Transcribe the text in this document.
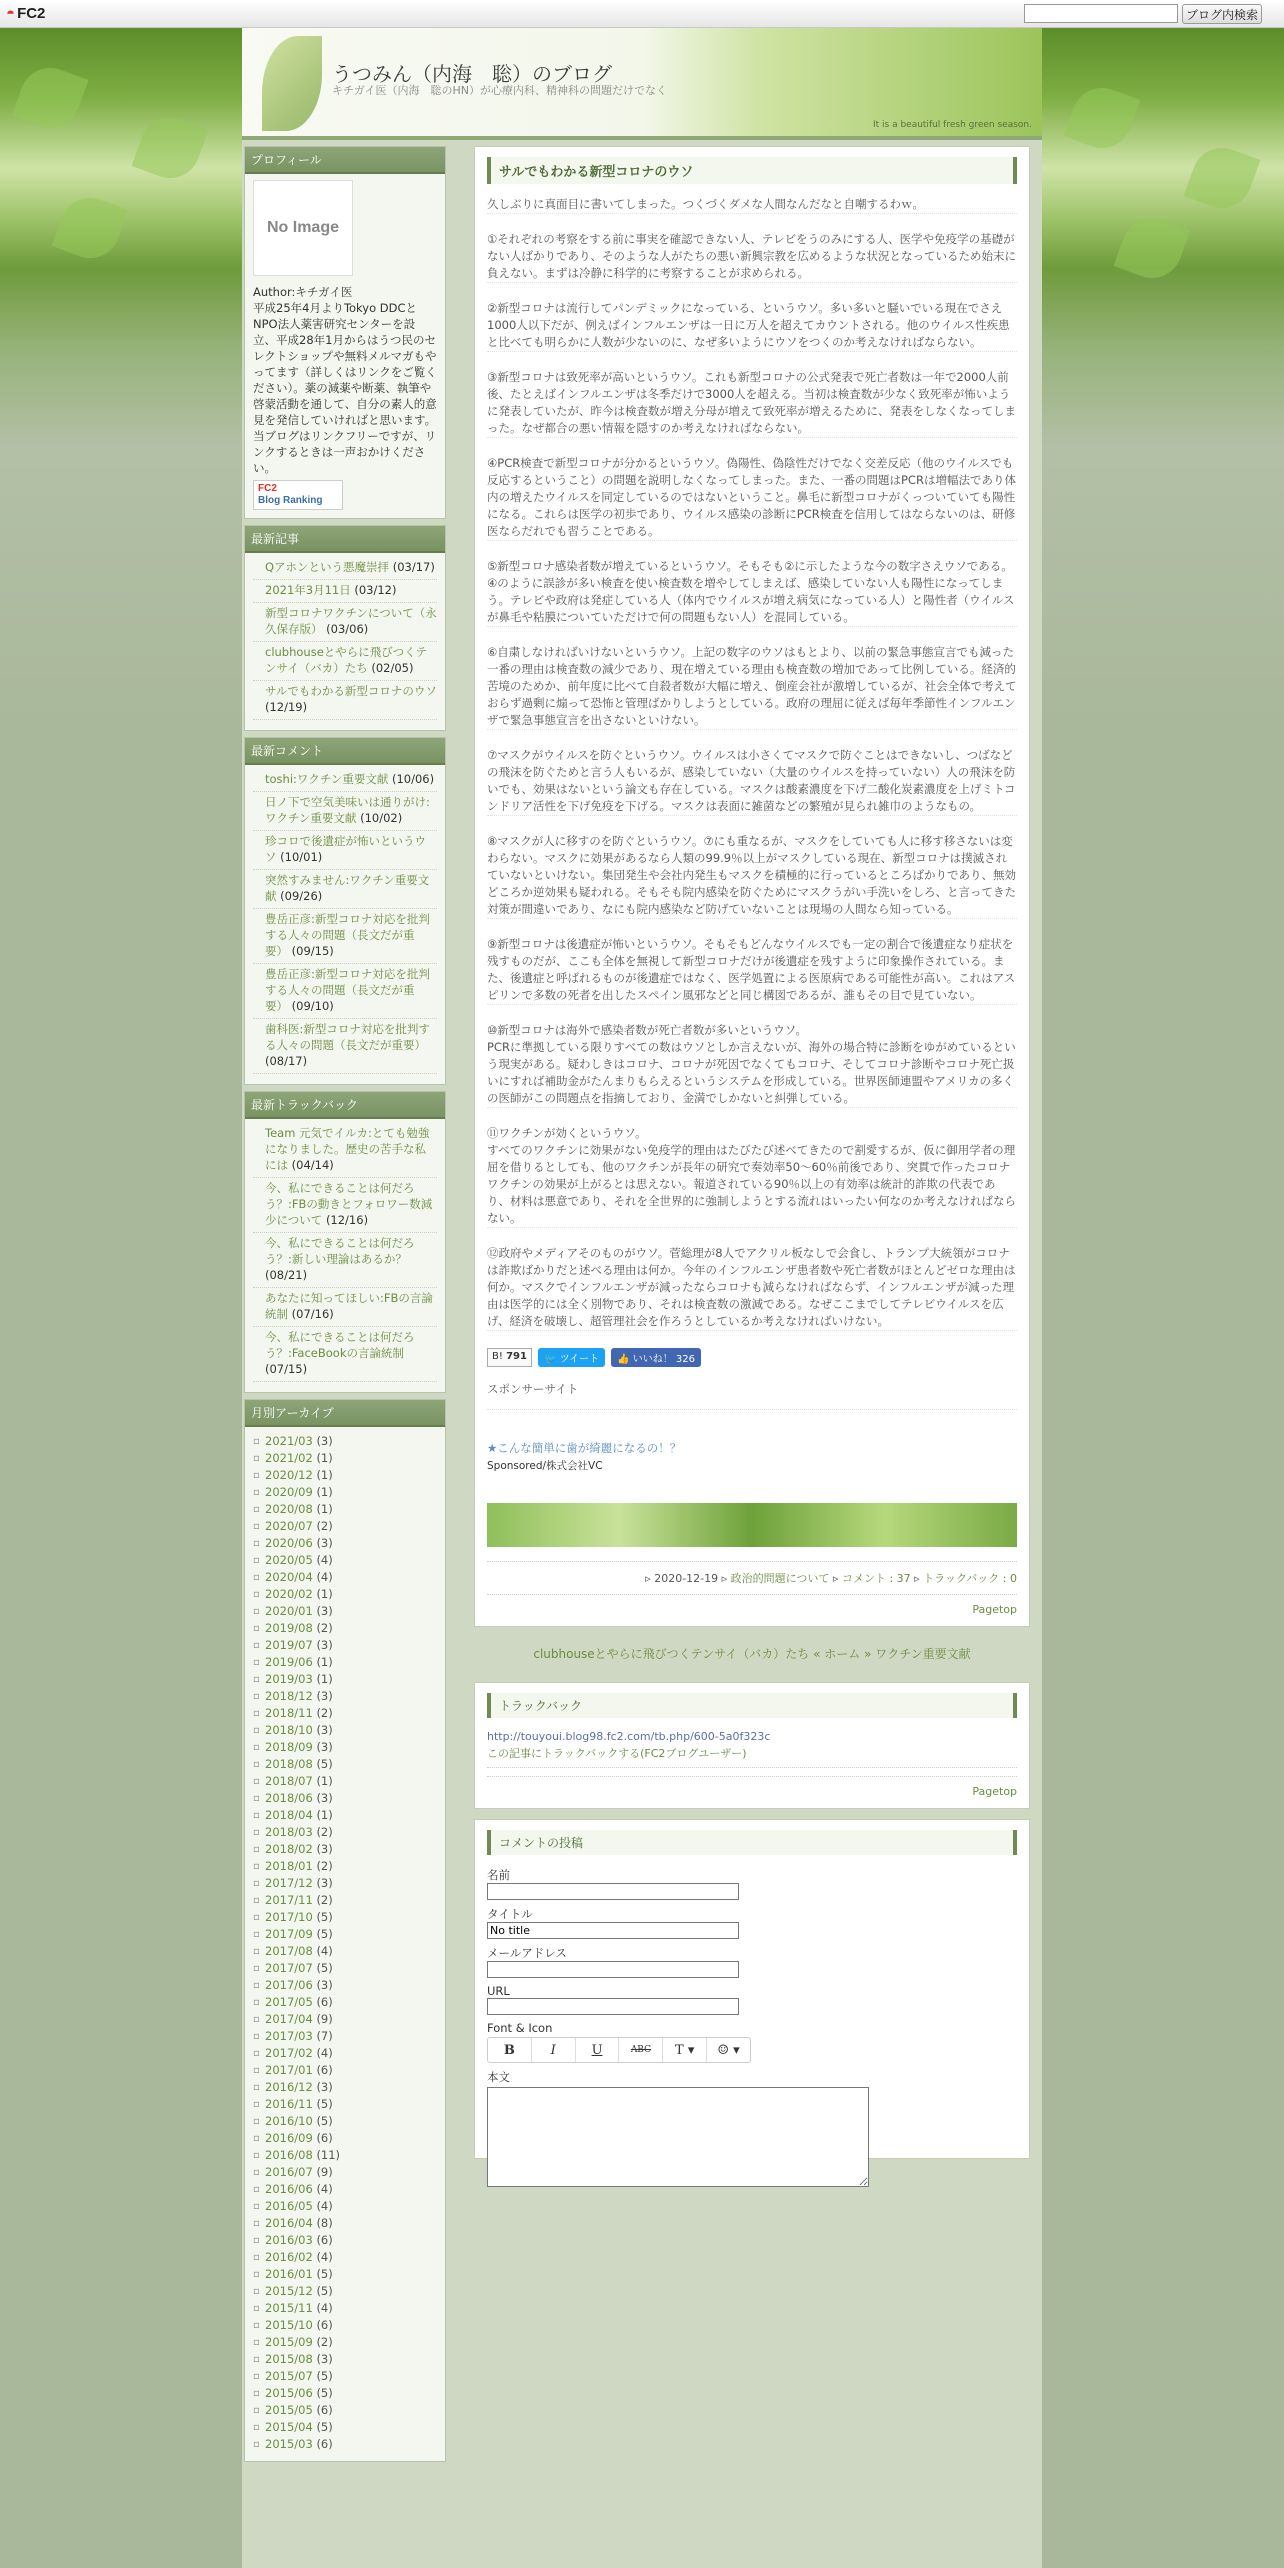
◓ FC2	ブログ内検索
うつみん（内海　聡）のブログ
キチガイ医（内海　聡のHN）が心療内科、精神科の問題だけでなく
It is a beautiful fresh green season.
プロフィール
No Image
Author:キチガイ医
平成25年4月よりTokyo DDCとNPO法人薬害研究センターを設立、平成28年1月からはうつ民のセレクトショップや無料メルマガもやってます（詳しくはリンクをご覧ください）。薬の減薬や断薬、執筆や啓蒙活動を通して、自分の素人的意見を発信していければと思います。当ブログはリンクフリーですが、リンクするときは一声おかけください。
FC2
Blog Ranking
最新記事
Qアホンという悪魔崇拝 (03/17)
2021年3月11日 (03/12)
新型コロナワクチンについて（永久保存版） (03/06)
clubhouseとやらに飛びつくテンサイ（バカ）たち (02/05)
サルでもわかる新型コロナのウソ (12/19)
最新コメント
toshi:ワクチン重要文献 (10/06)
日ノ下で空気美味いは通りがけ:ワクチン重要文献 (10/02)
珍コロで後遺症が怖いというウソ (10/01)
突然すみません:ワクチン重要文献 (09/26)
豊岳正彦:新型コロナ対応を批判する人々の問題（長文だが重要） (09/15)
豊岳正彦:新型コロナ対応を批判する人々の問題（長文だが重要） (09/10)
歯科医:新型コロナ対応を批判する人々の問題（長文だが重要） (08/17)
最新トラックバック
Team 元気でイルカ:とても勉強になりました。歴史の苦手な私には (04/14)
今、私にできることは何だろう？:FBの動きとフォロワー数減少について (12/16)
今、私にできることは何だろう？:新しい理論はあるか？ (08/21)
あなたに知ってほしい:FBの言論統制 (07/16)
今、私にできることは何だろう？:FaceBookの言論統制 (07/15)
月別アーカイブ
▫ 2021/03 (3)
▫ 2021/02 (1)
▫ 2020/12 (1)
▫ 2020/09 (1)
▫ 2020/08 (1)
▫ 2020/07 (2)
▫ 2020/06 (3)
▫ 2020/05 (4)
▫ 2020/04 (4)
▫ 2020/02 (1)
▫ 2020/01 (3)
▫ 2019/08 (2)
▫ 2019/07 (3)
▫ 2019/06 (1)
▫ 2019/03 (1)
▫ 2018/12 (3)
▫ 2018/11 (2)
▫ 2018/10 (3)
▫ 2018/09 (3)
▫ 2018/08 (5)
▫ 2018/07 (1)
▫ 2018/06 (3)
▫ 2018/04 (1)
▫ 2018/03 (2)
▫ 2018/02 (3)
▫ 2018/01 (2)
▫ 2017/12 (3)
▫ 2017/11 (2)
▫ 2017/10 (5)
▫ 2017/09 (5)
▫ 2017/08 (4)
▫ 2017/07 (5)
▫ 2017/06 (3)
▫ 2017/05 (6)
▫ 2017/04 (9)
▫ 2017/03 (7)
▫ 2017/02 (4)
▫ 2017/01 (6)
▫ 2016/12 (3)
▫ 2016/11 (5)
▫ 2016/10 (5)
▫ 2016/09 (6)
▫ 2016/08 (11)
▫ 2016/07 (9)
▫ 2016/06 (4)
▫ 2016/05 (4)
▫ 2016/04 (8)
▫ 2016/03 (6)
▫ 2016/02 (4)
▫ 2016/01 (5)
▫ 2015/12 (5)
▫ 2015/11 (4)
▫ 2015/10 (6)
▫ 2015/09 (2)
▫ 2015/08 (3)
▫ 2015/07 (5)
▫ 2015/06 (5)
▫ 2015/05 (6)
▫ 2015/04 (5)
▫ 2015/03 (6)
サルでもわかる新型コロナのウソ

久しぶりに真面目に書いてしまった。つくづくダメな人間なんだなと自嘲するわｗ。

①それぞれの考察をする前に事実を確認できない人、テレビをうのみにする人、医学や免疫学の基礎がない人ばかりであり、そのような人がたちの悪い新興宗教を広めるような状況となっているため始末に負えない。まずは冷静に科学的に考察することが求められる。

②新型コロナは流行してパンデミックになっている、というウソ。多い多いと騒いでいる現在でさえ1000人以下だが、例えばインフルエンザは一日に万人を超えてカウントされる。他のウイルス性疾患と比べても明らかに人数が少ないのに、なぜ多いようにウソをつくのか考えなければならない。

③新型コロナは致死率が高いというウソ。これも新型コロナの公式発表で死亡者数は一年で2000人前後、たとえばインフルエンザは冬季だけで3000人を超える。当初は検査数が少なく致死率が怖いように発表していたが、昨今は検査数が増え分母が増えて致死率が増えるために、発表をしなくなってしまった。なぜ都合の悪い情報を隠すのか考えなければならない。

④PCR検査で新型コロナが分かるというウソ。偽陽性、偽陰性だけでなく交差反応（他のウイルスでも反応するということ）の問題を説明しなくなってしまった。また、一番の問題はPCRは増幅法であり体内の増えたウイルスを同定しているのではないということ。鼻毛に新型コロナがくっついていても陽性になる。これらは医学の初歩であり、ウイルス感染の診断にPCR検査を信用してはならないのは、研修医ならだれでも習うことである。

⑤新型コロナ感染者数が増えているというウソ。そもそも②に示したような今の数字さえウソである。④のように誤診が多い検査を使い検査数を増やしてしまえば、感染していない人も陽性になってしまう。テレビや政府は発症している人（体内でウイルスが増え病気になっている人）と陽性者（ウイルスが鼻毛や粘膜についていただけで何の問題もない人）を混同している。

⑥自粛しなければいけないというウソ。上記の数字のウソはもとより、以前の緊急事態宣言でも減った一番の理由は検査数の減少であり、現在増えている理由も検査数の増加であって比例している。経済的苦境のためか、前年度に比べて自殺者数が大幅に増え、倒産会社が激増しているが、社会全体で考えておらず過剰に煽って恐怖と管理ばかりしようとしている。政府の理屈に従えば毎年季節性インフルエンザで緊急事態宣言を出さないといけない。

⑦マスクがウイルスを防ぐというウソ。ウイルスは小さくてマスクで防ぐことはできないし、つばなどの飛沫を防ぐためと言う人もいるが、感染していない（大量のウイルスを持っていない）人の飛沫を防いでも、効果はないという論文も存在している。マスクは酸素濃度を下げ二酸化炭素濃度を上げミトコンドリア活性を下げ免疫を下げる。マスクは表面に雑菌などの繁殖が見られ雑巾のようなもの。

⑧マスクが人に移すのを防ぐというウソ。⑦にも重なるが、マスクをしていても人に移す移さないは変わらない。マスクに効果があるなら人類の99.9％以上がマスクしている現在、新型コロナは撲滅されていないといけない。集団発生や会社内発生もマスクを積極的に行っているところばかりであり、無効どころか逆効果も疑われる。そもそも院内感染を防ぐためにマスクうがい手洗いをしろ、と言ってきた対策が間違いであり、なにも院内感染など防げていないことは現場の人間なら知っている。

⑨新型コロナは後遺症が怖いというウソ。そもそもどんなウイルスでも一定の割合で後遺症なり症状を残すものだが、ここも全体を無視して新型コロナだけが後遺症を残すように印象操作されている。また、後遺症と呼ばれるものが後遺症ではなく、医学処置による医原病である可能性が高い。これはアスピリンで多数の死者を出したスペイン風邪などと同じ構図であるが、誰もその目で見ていない。

⑩新型コロナは海外で感染者数が死亡者数が多いというウソ。
PCRに準拠している限りすべての数はウソとしか言えないが、海外の場合特に診断をゆがめているという現実がある。疑わしきはコロナ、コロナが死因でなくてもコロナ、そしてコロナ診断やコロナ死亡扱いにすれば補助金がたんまりもらえるというシステムを形成している。世界医師連盟やアメリカの多くの医師がこの問題点を指摘しており、金満でしかないと糾弾している。

⑪ワクチンが効くというウソ。
すべてのワクチンに効果がない免疫学的理由はたびたび述べてきたので割愛するが、仮に御用学者の理屈を借りるとしても、他のワクチンが長年の研究で奏効率50～60％前後であり、突貫で作ったコロナワクチンの効果が上がるとは思えない。報道されている90％以上の有効率は統計的詐欺の代表であり、材料は悪意であり、それを全世界的に強制しようとする流れはいったい何なのか考えなければならない。

⑫政府やメディアそのものがウソ。菅総理が8人でアクリル板なしで会食し、トランプ大統領がコロナは詐欺ばかりだと述べる理由は何か。今年のインフルエンザ患者数や死亡者数がほとんどゼロな理由は何か。マスクでインフルエンザが減ったならコロナも減らなければならず、インフルエンザが減った理由は医学的には全く別物であり、それは検査数の激減である。なぜここまでしてテレビウイルスを広げ、経済を破壊し、超管理社会を作ろうとしているか考えなければいけない。

B! 791	🐦 ツイート	👍 いいね！ 326
スポンサーサイト
★こんな簡単に歯が綺麗になるの！？
Sponsored/株式会社VC
▹ 2020-12-19 ▹ 政治的問題について ▹ コメント : 37 ▹ トラックバック : 0
Pagetop
clubhouseとやらに飛びつくテンサイ（バカ）たち « ホーム » ワクチン重要文献
トラックバック
http://touyoui.blog98.fc2.com/tb.php/600-5a0f323c
この記事にトラックバックする(FC2ブログユーザー)
Pagetop
コメントの投稿
名前
タイトル
No title
メールアドレス
URL
Font & Icon
B	I	U	ABC	T ▾	☺ ▾
本文
